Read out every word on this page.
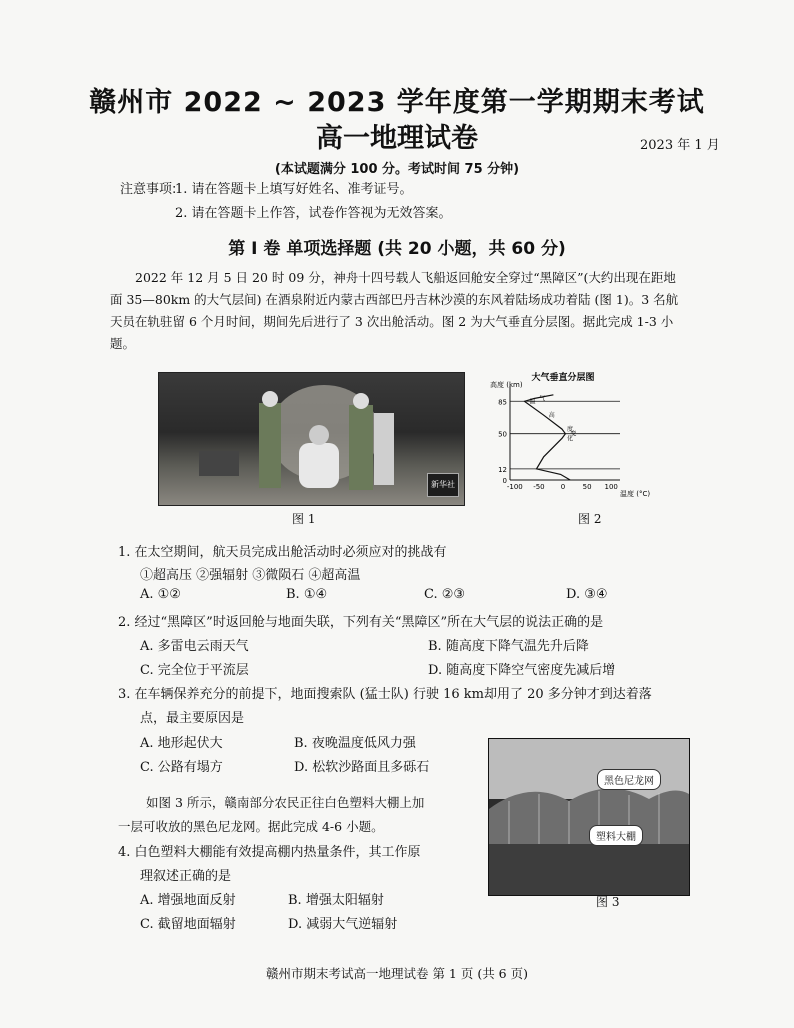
赣州市 2022 ~ 2023 学年度第一学期期末考试
高一地理试卷	2023 年 1 月
(本试题满分 100 分。考试时间 75 分钟)
注意事项:
1. 请在答题卡上填写好姓名、准考证号。
2. 请在答题卡上作答，试卷作答视为无效答案。
第 Ⅰ 卷 单项选择题 (共 20 小题，共 60 分)
2022 年 12 月 5 日 20 时 09 分，神舟十四号载人飞船返回舱安全穿过“黑障区”(大约出现在距地面 35—80km 的大气层间) 在酒泉附近内蒙古西部巴丹吉林沙漠的东风着陆场成功着陆 (图 1)。3 名航天员在轨驻留 6 个月时间，期间先后进行了 3 次出舱活动。图 2 为大气垂直分层图。据此完成 1-3 小题。
新华社
图 1
大气垂直分层图
高度 (km)
温度 (°C)
12
50
85
0
-100 -50 0 50 100
气
温
高
度
变
化
图 2
1. 在太空期间，航天员完成出舱活动时必须应对的挑战有
①超高压 ②强辐射 ③微陨石 ④超高温
A. ①②	B. ①④	C. ②③	D. ③④
2. 经过“黑障区”时返回舱与地面失联，下列有关“黑障区”所在大气层的说法正确的是
A. 多雷电云雨天气	B. 随高度下降气温先升后降
C. 完全位于平流层	D. 随高度下降空气密度先减后增
3. 在车辆保养充分的前提下，地面搜索队 (猛士队) 行驶 16 km却用了 20 多分钟才到达着落
点，最主要原因是
A. 地形起伏大	B. 夜晚温度低风力强
C. 公路有塌方	D. 松软沙路面且多砾石
如图 3 所示，赣南部分农民正往白色塑料大棚上加
一层可收放的黑色尼龙网。据此完成 4-6 小题。
4. 白色塑料大棚能有效提高棚内热量条件，其工作原
理叙述正确的是
A. 增强地面反射	B. 增强太阳辐射
C. 截留地面辐射	D. 减弱大气逆辐射
黑色尼龙网
塑料大棚
图 3
赣州市期末考试高一地理试卷 第 1 页 (共 6 页)
